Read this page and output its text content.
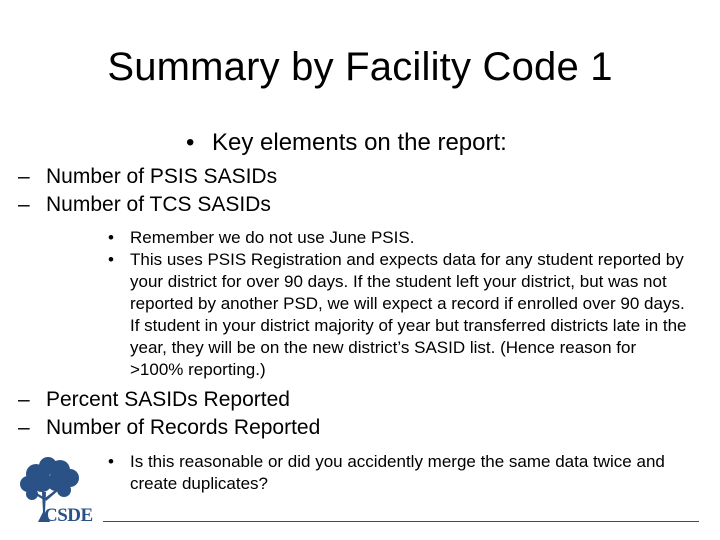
Summary by Facility Code 1
• Key elements on the report:
– Number of PSIS SASIDs
– Number of TCS SASIDs
• Remember we do not use June PSIS.
• This uses PSIS Registration and expects data for any student reported by your district for over 90 days. If the student left your district, but was not reported by another PSD, we will expect a record if enrolled over 90 days. If student in your district majority of year but transferred districts late in the year, they will be on the new district’s SASID list. (Hence reason for >100% reporting.)
– Percent SASIDs Reported
– Number of Records Reported
• Is this reasonable or did you accidently merge the same data twice and create duplicates?
CSDE
